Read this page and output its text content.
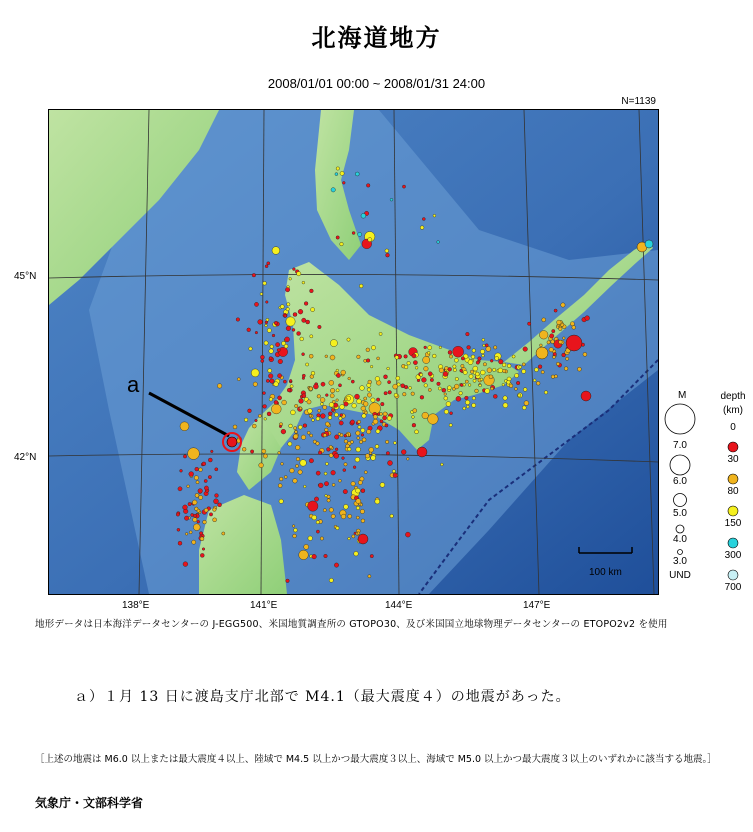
北海道地方
2008/01/01 00:00 ~ 2008/01/31 24:00
N=1139
a
100 km
45°N
42°N
138°E	141°E	144°E	147°E
M	depth
(km)
7.0
6.0
5.0
4.0
3.0
UND
0
30
80
150
300
700
地形データは日本海洋データセンターの J-EGG500、米国地質調査所の GTOPO30、及び米国国立地球物理データセンターの ETOPO2v2 を使用
ａ）１月 13 日に渡島支庁北部で M4.1（最大震度４）の地震があった。
［上述の地震は M6.0 以上または最大震度４以上、陸域で M4.5 以上かつ最大震度３以上、海域で M5.0 以上かつ最大震度３以上のいずれかに該当する地震。］
気象庁・文部科学省
